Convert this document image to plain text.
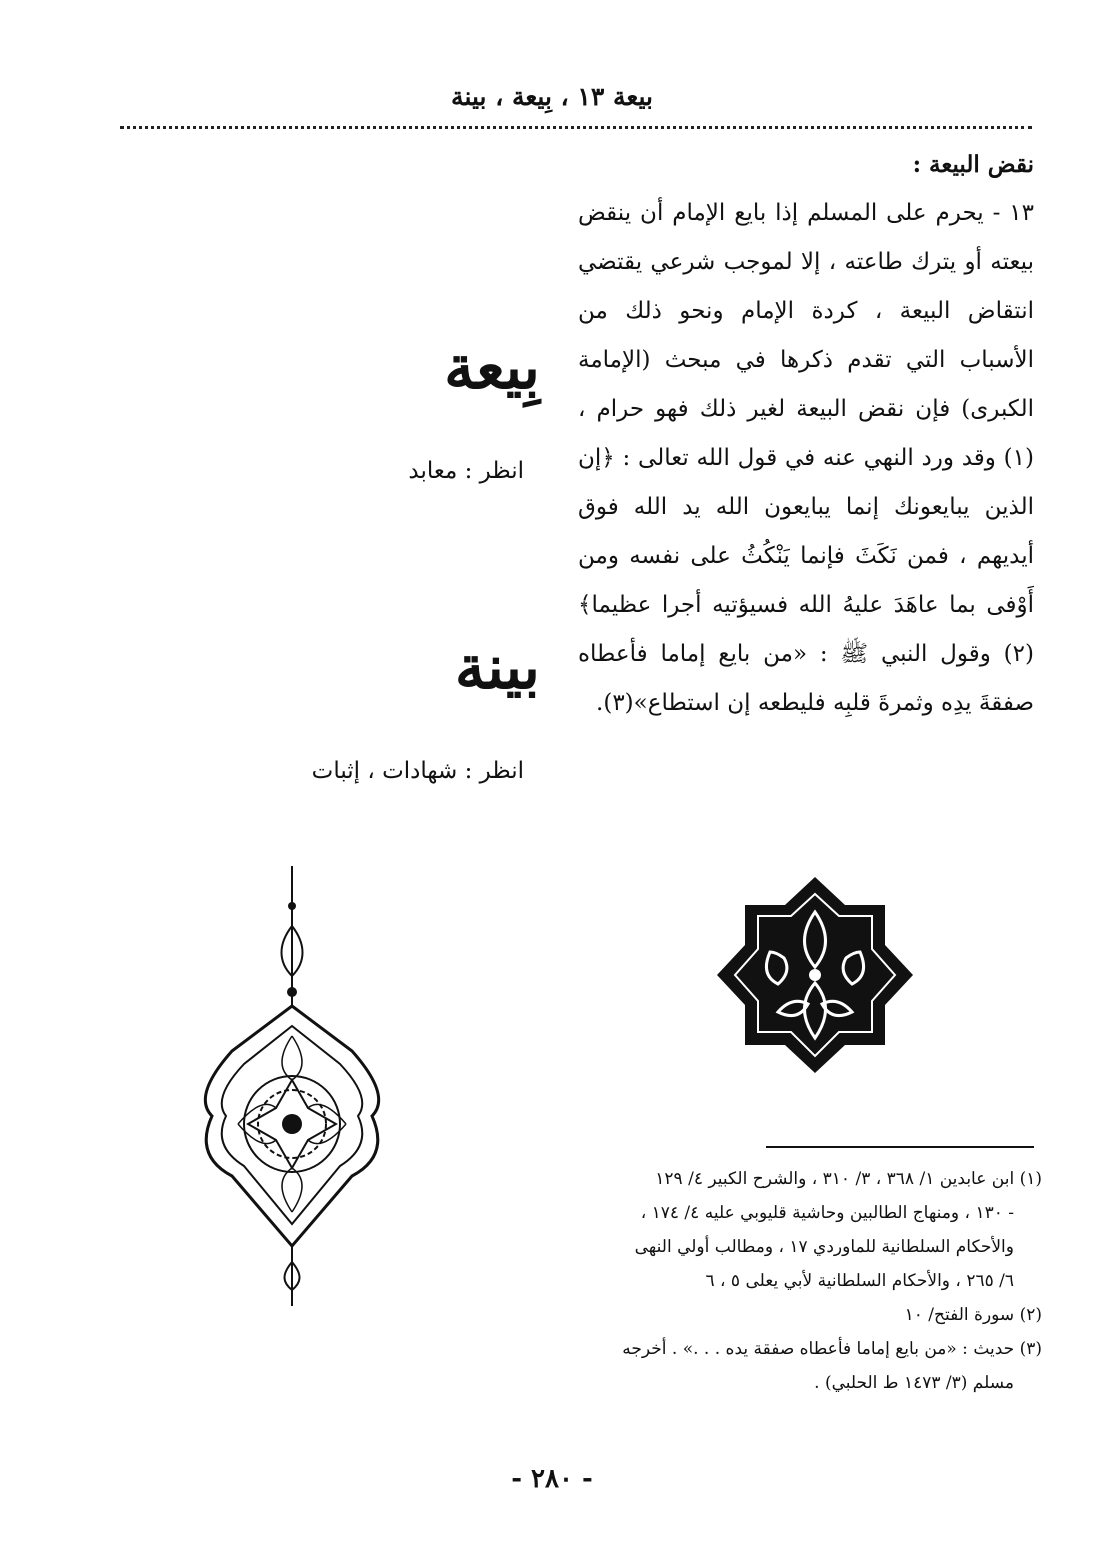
بيعة ١٣ ، بِيعة ، بينة

نقض البيعة :

١٣ - يحرم على المسلم إذا بايع الإمام أن ينقض بيعته أو يترك طاعته ، إلا لموجب شرعي يقتضي انتقاض البيعة ، كردة الإمام ونحو ذلك من الأسباب التي تقدم ذكرها في مبحث (الإمامة الكبرى) فإن نقض البيعة لغير ذلك فهو حرام ، (١) وقد ورد النهي عنه في قول الله تعالى : ﴿إن الذين يبايعونك إنما يبايعون الله يد الله فوق أيديهم ، فمن نَكَثَ فإنما يَنْكُثُ على نفسه ومن أَوْفى بما عاهَدَ عليهُ الله فسيؤتيه أجرا عظيما﴾(٢) وقول النبي ﷺ : «من بايع إماما فأعطاه صفقةَ يدِه وثمرةَ قلبِه فليطعه إن استطاع»(٣).

بِيعة
انظر : معابد
بينة
انظر : شهادات ، إثبات

(١) ابن عابدين ١/ ٣٦٨ ، ٣/ ٣١٠ ، والشرح الكبير ٤/ ١٢٩

- ١٣٠ ، ومنهاج الطالبين وحاشية قليوبي عليه ٤/ ١٧٤ ،

والأحكام السلطانية للماوردي ١٧ ، ومطالب أولي النهى

٦/ ٢٦٥ ، والأحكام السلطانية لأبي يعلى ٥ ، ٦

(٢) سورة الفتح/ ١٠

(٣) حديث : «من بايع إماما فأعطاه صفقة يده . . .» . أخرجه

مسلم (٣/ ١٤٧٣ ط الحلبي) .

- ٢٨٠ -
